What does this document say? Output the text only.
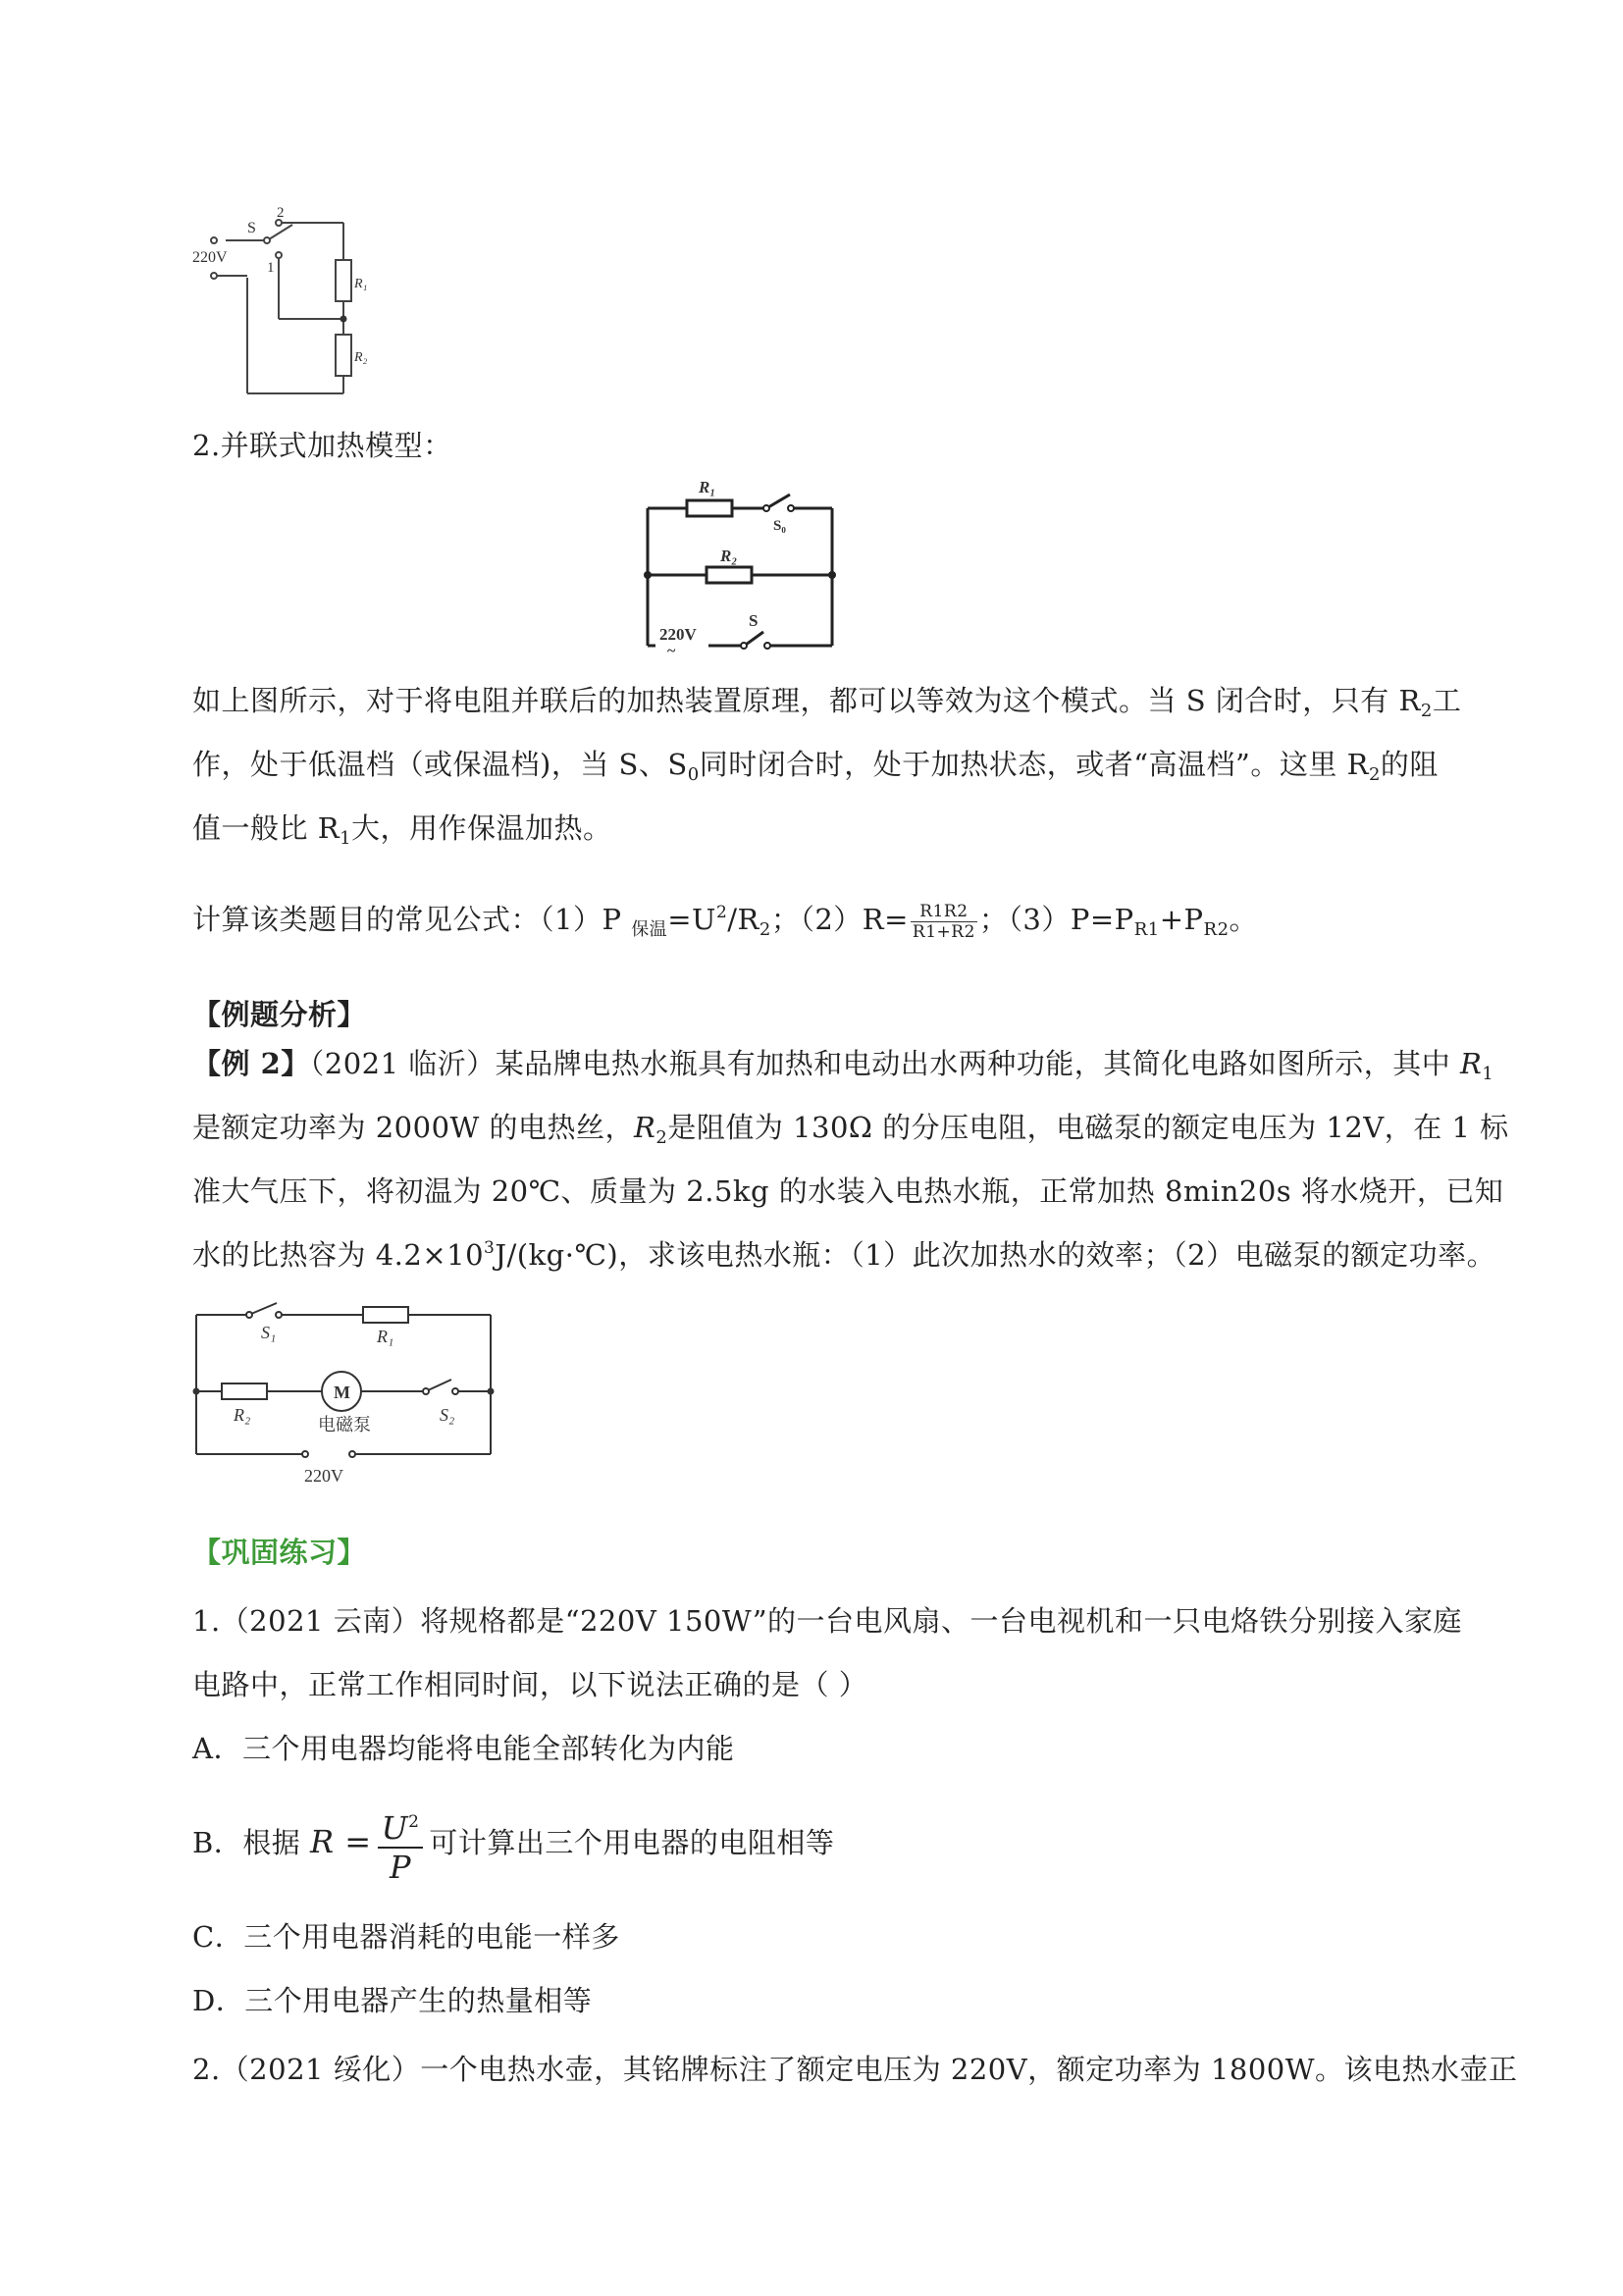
220V
S
2
1
R₁
R₂
2.并联式加热模型：
R₁
S₀
R₂
S
220V
~
如上图所示，对于将电阻并联后的加热装置原理，都可以等效为这个模式。当 S 闭合时，只有 $R_2$工
作，处于低温档（或保温档)，当 S、$S_0$同时闭合时，处于加热状态，或者“高温档”。这里 $R_2$的阻
值一般比 $R_1$大，用作保温加热。
计算该类题目的常见公式：（1）P $_{保温}=U^2/R_2$；$(2)R= \frac{R1R2}{R1+R2}$ ；$(3)P=P_{R1}+P_{R2}$。
【例题分析】
【例 2】（2021 临沂）某品牌电热水瓶具有加热和电动出水两种功能，其简化电路如图所示，其中 $R_1$
是额定功率为 2000W 的电热丝，$R_2$是阻值为 130Ω 的分压电阻，电磁泵的额定电压为 12V，在 1 标
准大气压下，将初温为 20℃、质量为 2.5kg 的水装入电热水瓶，正常加热 8min20s 将水烧开，已知
水的比热容为 $4.2\times 10^3J/(kg\cdot℃)$，求该电热水瓶：（1）此次加热水的效率；（2）电磁泵的额定功率。
S₁	R₁
R₂
M
电磁泵	S₂
220V
【巩固练习】
1.（2021 云南）将规格都是“220V 150W”的一台电风扇、一台电视机和一只电烙铁分别接入家庭
电路中，正常工作相同时间，以下说法正确的是（ ）
A．三个用电器均能将电能全部转化为内能
B．根据 $R = \frac{U^2}{P}$ 可计算出三个用电器的电阻相等
C．三个用电器消耗的电能一样多
D．三个用电器产生的热量相等
2.（2021 绥化）一个电热水壶，其铭牌标注了额定电压为 220V，额定功率为 1800W。该电热水壶正
